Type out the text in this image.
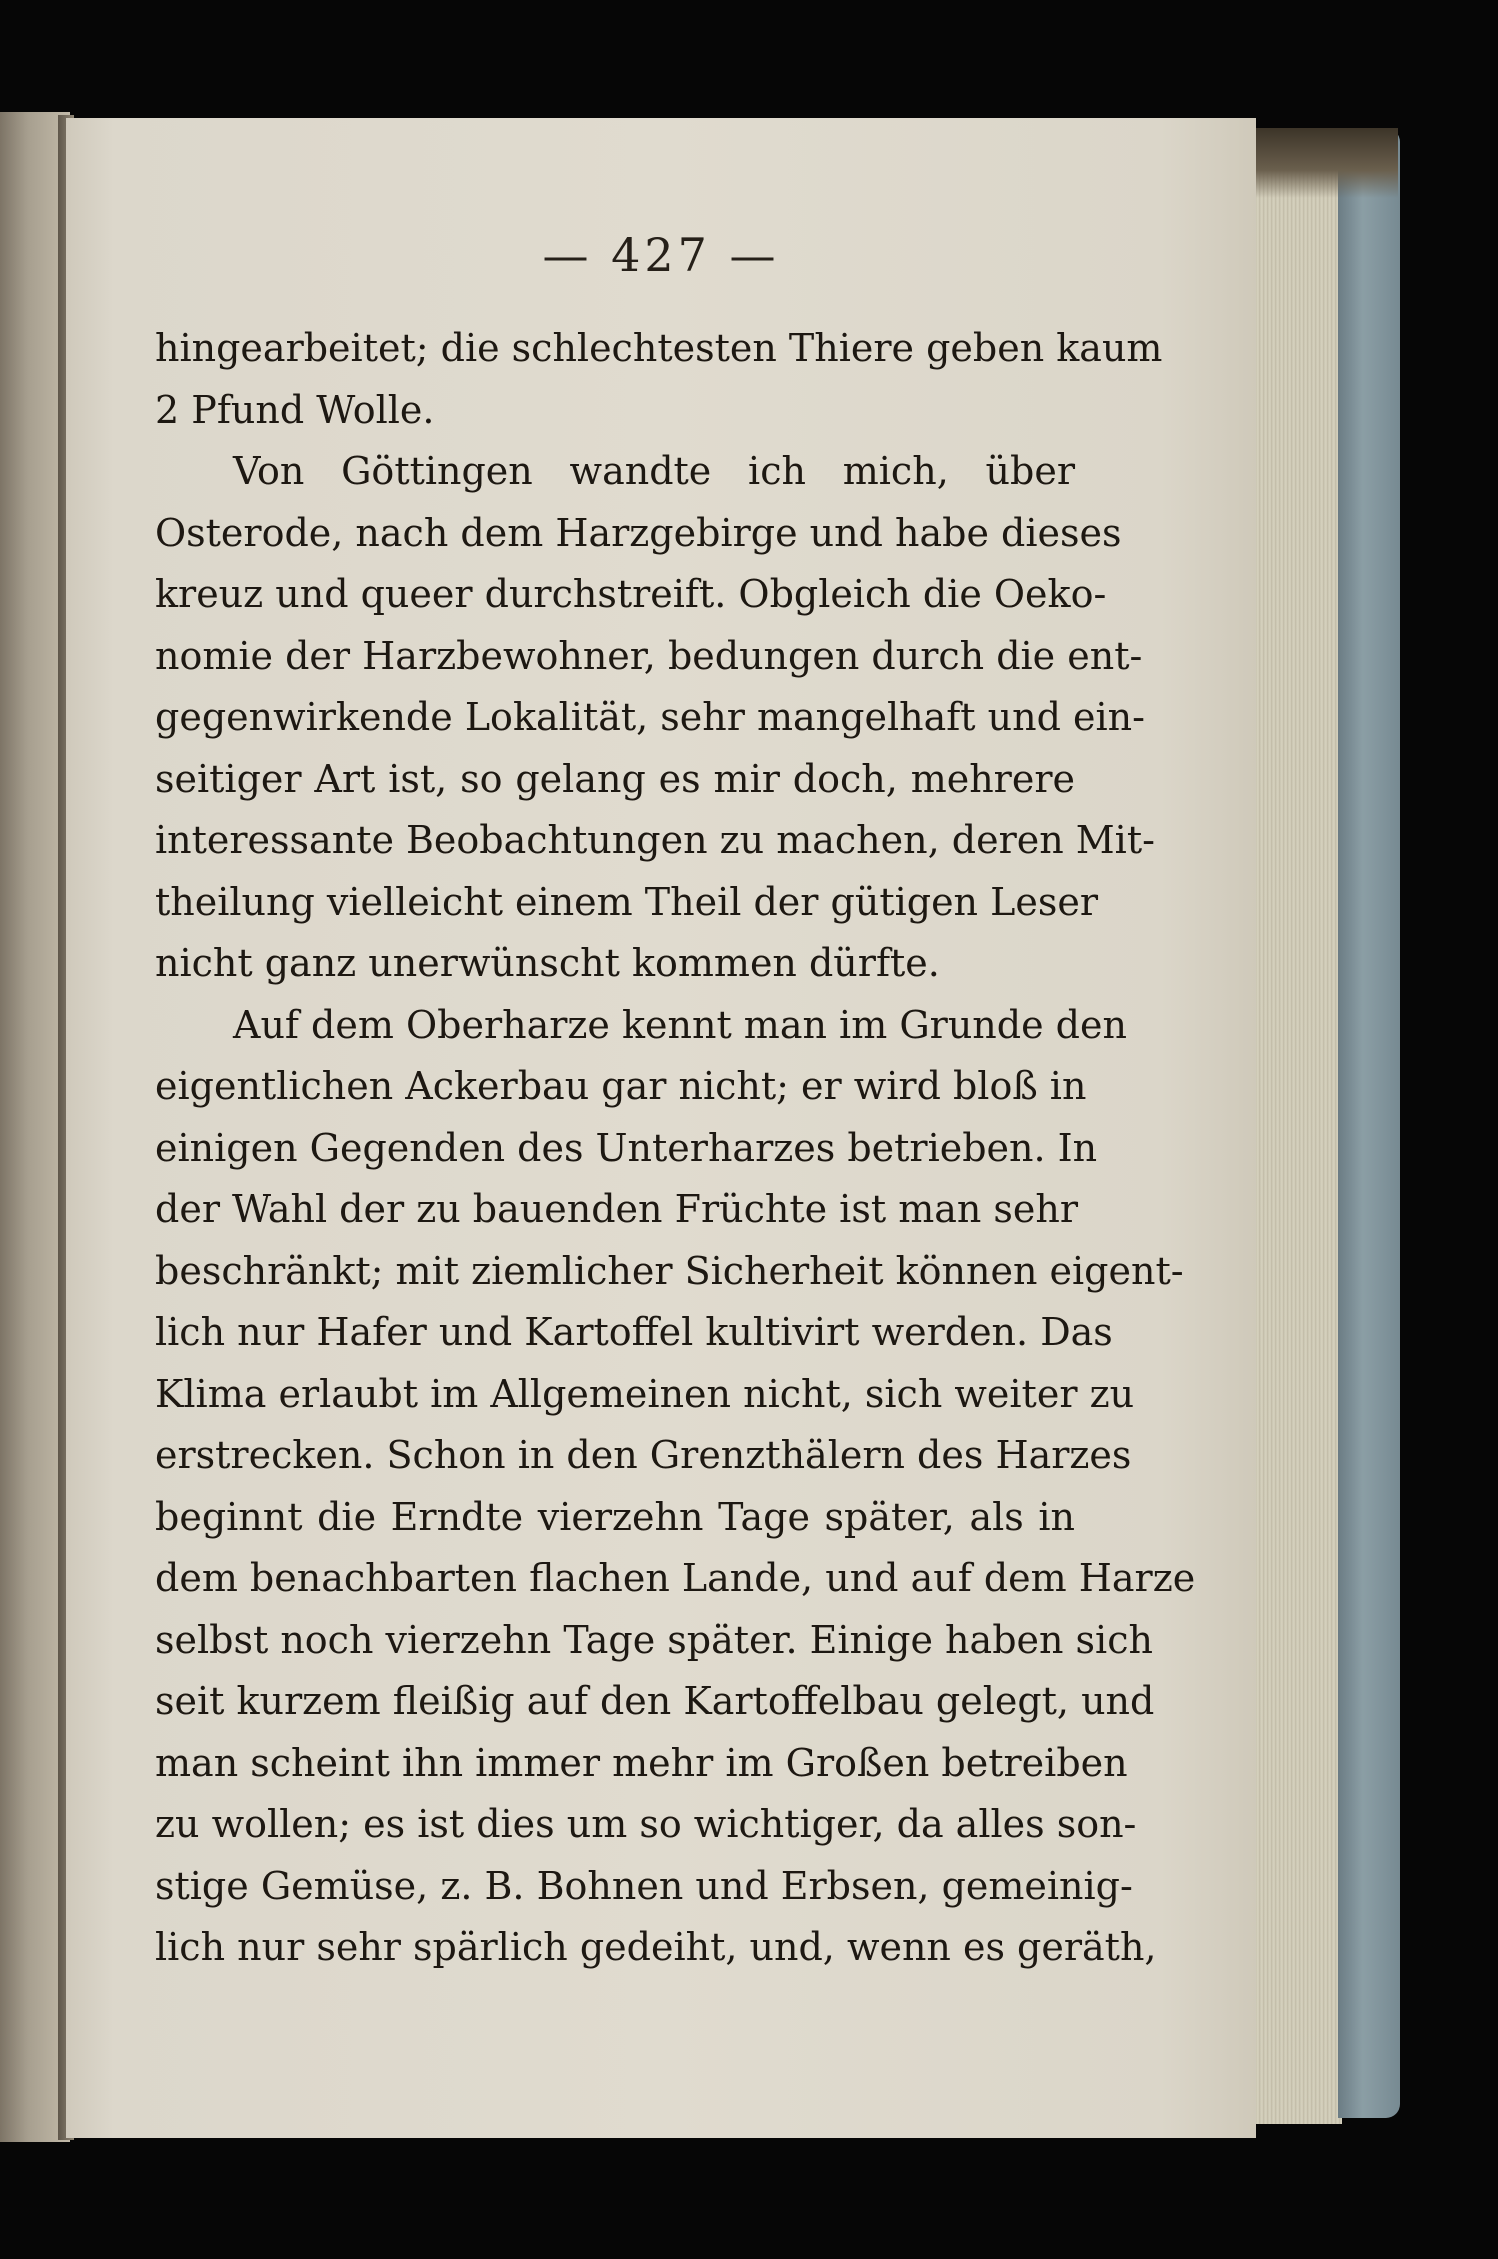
— 427 —
hingearbeitet; die schlechtesten Thiere geben kaum
2 Pfund Wolle.
Von Göttingen wandte ich mich, über
Osterode, nach dem Harzgebirge und habe dieses
kreuz und queer durchstreift. Obgleich die Oeko-
nomie der Harzbewohner, bedungen durch die ent-
gegenwirkende Lokalität, sehr mangelhaft und ein-
seitiger Art ist, so gelang es mir doch, mehrere
interessante Beobachtungen zu machen, deren Mit-
theilung vielleicht einem Theil der gütigen Leser
nicht ganz unerwünscht kommen dürfte.
Auf dem Oberharze kennt man im Grunde den
eigentlichen Ackerbau gar nicht; er wird bloß in
einigen Gegenden des Unterharzes betrieben. In
der Wahl der zu bauenden Früchte ist man sehr
beschränkt; mit ziemlicher Sicherheit können eigent-
lich nur Hafer und Kartoffel kultivirt werden. Das
Klima erlaubt im Allgemeinen nicht, sich weiter zu
erstrecken. Schon in den Grenzthälern des Harzes
beginnt die Erndte vierzehn Tage später, als in
dem benachbarten flachen Lande, und auf dem Harze
selbst noch vierzehn Tage später. Einige haben sich
seit kurzem fleißig auf den Kartoffelbau gelegt, und
man scheint ihn immer mehr im Großen betreiben
zu wollen; es ist dies um so wichtiger, da alles son-
stige Gemüse, z. B. Bohnen und Erbsen, gemeinig-
lich nur sehr spärlich gedeiht, und, wenn es geräth,
